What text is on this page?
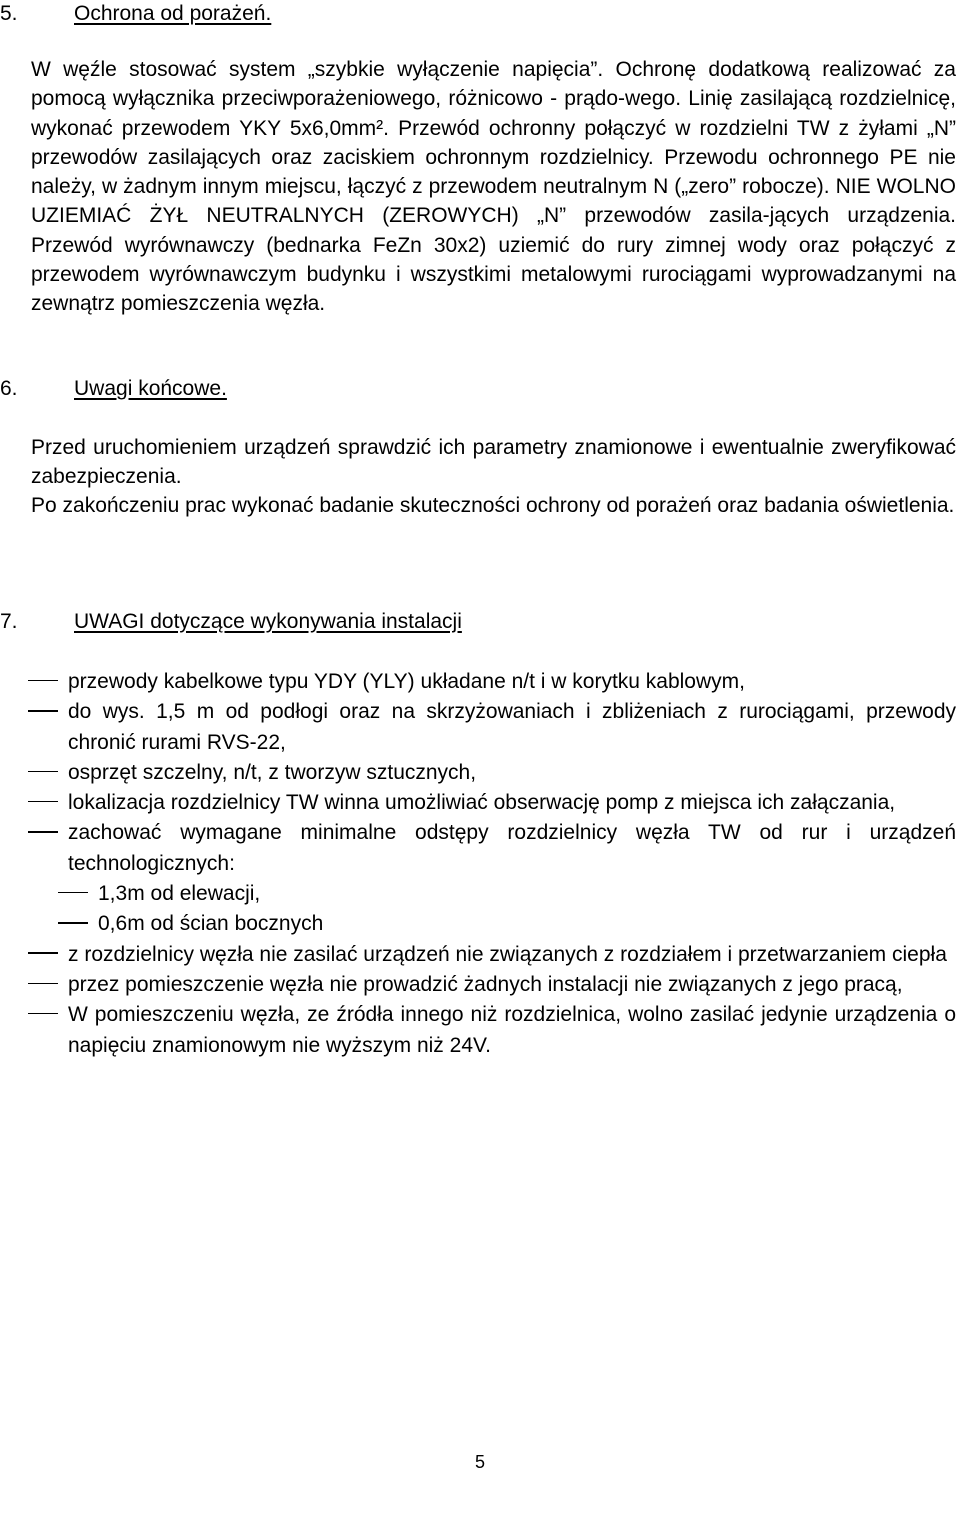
5.	Ochrona od porażeń.

W węźle stosować system „szybkie wyłączenie napięcia”. Ochronę dodatkową realizować za pomocą wyłącznika przeciwporażeniowego, różnicowo - prądo-wego. Linię zasilającą rozdzielnicę, wykonać przewodem YKY 5x6,0mm². Przewód ochronny połączyć w rozdzielni TW z żyłami „N” przewodów zasilających oraz zaciskiem ochronnym rozdzielnicy. Przewodu ochronnego PE nie należy, w żadnym innym miejscu, łączyć z przewodem neutralnym N („zero” robocze). NIE WOLNO UZIEMIAĆ ŻYŁ NEUTRALNYCH (ZEROWYCH) „N” przewodów zasila-jących urządzenia. Przewód wyrównawczy (bednarka FeZn 30x2) uziemić do rury zimnej wody oraz połączyć z przewodem wyrównawczym budynku i wszystkimi metalowymi rurociągami wyprowadzanymi na zewnątrz pomieszczenia węzła.

6.	Uwagi końcowe.

Przed uruchomieniem urządzeń sprawdzić ich parametry znamionowe i ewentualnie zweryfikować zabezpieczenia.

Po zakończeniu prac wykonać badanie skuteczności ochrony od porażeń oraz badania oświetlenia.

7.	UWAGI dotyczące wykonywania instalacji
przewody kabelkowe typu YDY (YLY) układane n/t i w korytku kablowym,
do wys. 1,5 m od podłogi oraz na skrzyżowaniach i zbliżeniach z rurociągami, przewody chronić rurami RVS-22,
osprzęt szczelny, n/t, z tworzyw sztucznych,
lokalizacja rozdzielnicy TW winna umożliwiać obserwację pomp z miejsca ich załączania,
zachować wymagane minimalne odstępy rozdzielnicy węzła TW od rur i urządzeń technologicznych:
1,3m od elewacji,
0,6m od ścian bocznych
z rozdzielnicy węzła nie zasilać urządzeń nie związanych z rozdziałem i przetwarzaniem ciepła
przez pomieszczenie węzła nie prowadzić żadnych instalacji nie związanych z jego pracą,
W pomieszczeniu węzła, ze źródła innego niż rozdzielnica, wolno zasilać jedynie urządzenia o napięciu znamionowym nie wyższym niż 24V.
5
